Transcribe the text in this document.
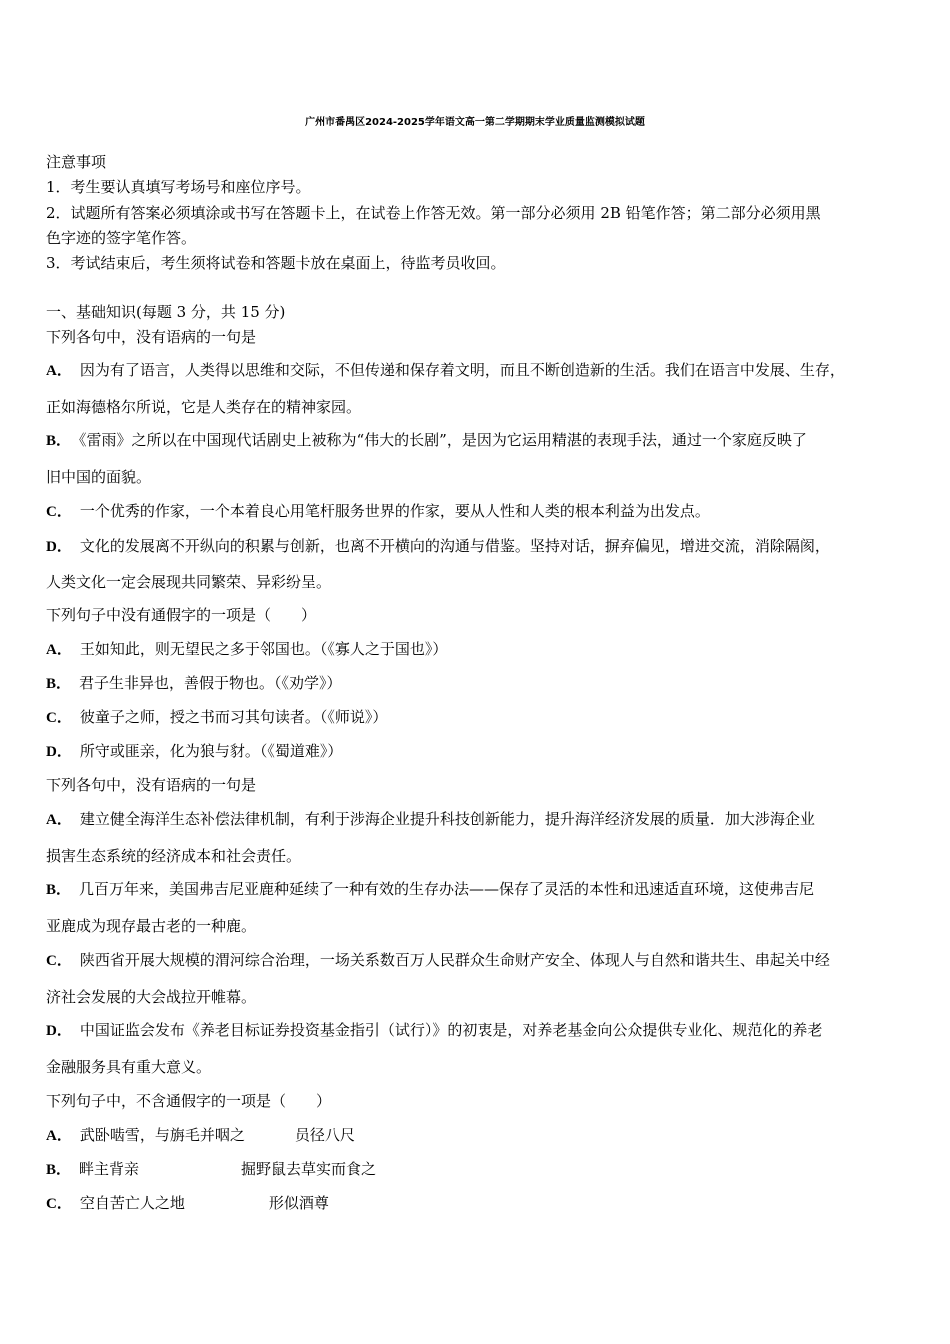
广州市番禺区2024-2025学年语文高一第二学期期末学业质量监测模拟试题
注意事项
1．考生要认真填写考场号和座位序号。
2．试题所有答案必须填涂或书写在答题卡上，在试卷上作答无效。第一部分必须用 2B 铅笔作答；第二部分必须用黑
色字迹的签字笔作答。
3．考试结束后，考生须将试卷和答题卡放在桌面上，待监考员收回。
一、基础知识(每题 3 分，共 15 分)
下列各句中，没有语病的一句是
A． 因为有了语言，人类得以思维和交际，不但传递和保存着文明，而且不断创造新的生活。我们在语言中发展、生存，
正如海德格尔所说，它是人类存在的精神家园。
B． 《雷雨》之所以在中国现代话剧史上被称为“伟大的长剧”，是因为它运用精湛的表现手法，通过一个家庭反映了
旧中国的面貌。
C． 一个优秀的作家，一个本着良心用笔杆服务世界的作家，要从人性和人类的根本利益为出发点。
D． 文化的发展离不开纵向的积累与创新，也离不开横向的沟通与借鉴。坚持对话，摒弃偏见，增进交流，消除隔阂，
人类文化一定会展现共同繁荣、异彩纷呈。
下列句子中没有通假字的一项是（　　）
A． 王如知此，则无望民之多于邻国也。（《寡人之于国也》）
B． 君子生非异也，善假于物也。（《劝学》）
C． 彼童子之师，授之书而习其句读者。（《师说》）
D． 所守或匪亲，化为狼与豺。（《蜀道难》）
下列各句中，没有语病的一句是
A． 建立健全海洋生态补偿法律机制，有利于涉海企业提升科技创新能力，提升海洋经济发展的质量．加大涉海企业
损害生态系统的经济成本和社会责任。
B． 几百万年来，美国弗吉尼亚鹿种延续了一种有效的生存办法——保存了灵活的本性和迅速适直环境，这使弗吉尼
亚鹿成为现存最古老的一种鹿。
C． 陕西省开展大规模的渭河综合治理，一场关系数百万人民群众生命财产安全、体现人与自然和谐共生、串起关中经
济社会发展的大会战拉开帷幕。
D． 中国证监会发布《养老目标证券投资基金指引（试行）》的初衷是，对养老基金向公众提供专业化、规范化的养老
金融服务具有重大意义。
下列句子中，不含通假字的一项是（　　）
A． 武卧啮雪，与旃毛并咽之	员径八尺
B． 畔主背亲	掘野鼠去草实而食之
C． 空自苦亡人之地	形似酒尊
